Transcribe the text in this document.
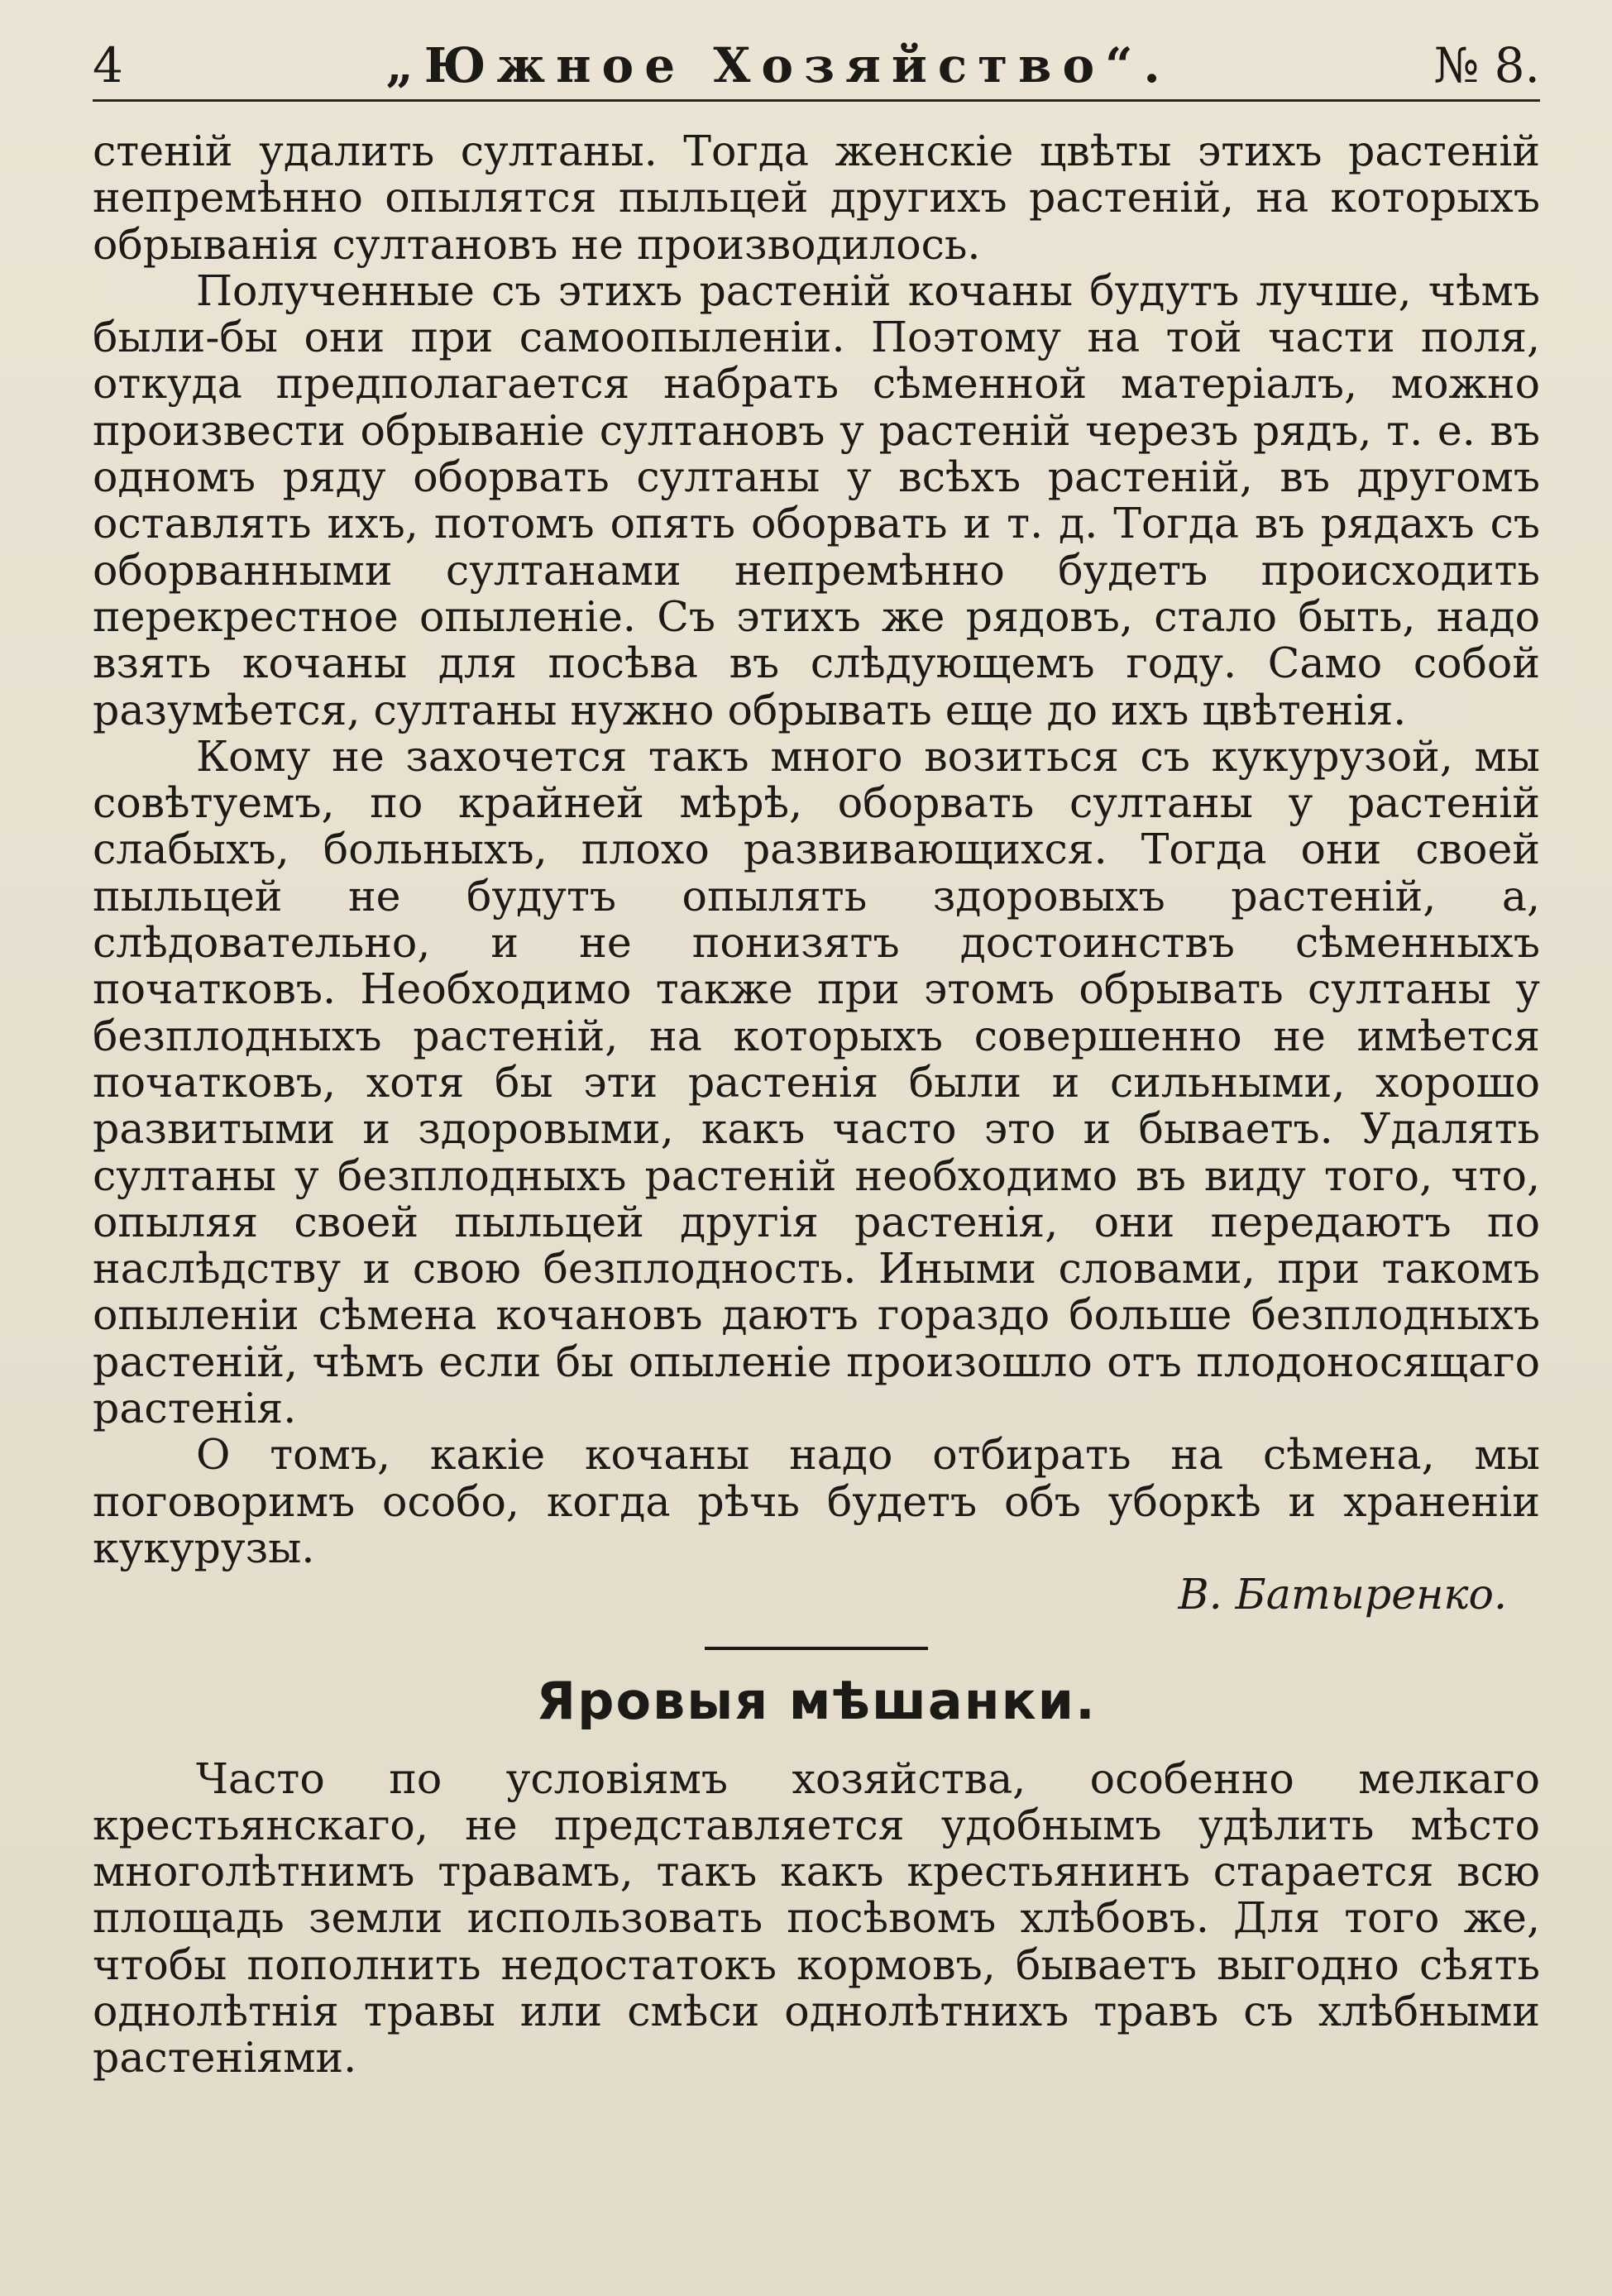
4	„Южное Хозяйство“.	№ 8.

стенiй удалить султаны. Тогда женскiе цвѣты этихъ растенiй непремѣнно опылятся пыльцей другихъ растенiй, на которыхъ обрыванiя султановъ не производилось.

Полученные съ этихъ растенiй кочаны будутъ лучше, чѣмъ были-бы они при самоопыленiи. Поэтому на той части поля, откуда предполагается набрать сѣменной матерiалъ, можно произвести обрыванiе султановъ у растенiй черезъ рядъ, т. е. въ одномъ ряду оборвать султаны у всѣхъ растенiй, въ другомъ оставлять ихъ, потомъ опять оборвать и т. д. Тогда въ рядахъ съ оборванными султанами непремѣнно будетъ происходить перекрестное опыленiе. Съ этихъ же рядовъ, стало быть, надо взять кочаны для посѣва въ слѣдующемъ году. Само собой разумѣется, султаны нужно обрывать еще до ихъ цвѣтенiя.

Кому не захочется такъ много возиться съ кукурузой, мы совѣтуемъ, по крайней мѣрѣ, оборвать султаны у растенiй слабыхъ, больныхъ, плохо развивающихся. Тогда они своей пыльцей не будутъ опылять здоровыхъ растенiй, а, слѣдовательно, и не понизятъ достоинствъ сѣменныхъ початковъ. Необходимо также при этомъ обрывать султаны у безплодныхъ растенiй, на которыхъ совершенно не имѣется початковъ, хотя бы эти растенiя были и сильными, хорошо развитыми и здоровыми, какъ часто это и бываетъ. Удалять султаны у безплодныхъ растенiй необходимо въ виду того, что, опыляя своей пыльцей другiя растенiя, они передаютъ по наслѣдству и свою безплодность. Иными словами, при такомъ опыленiи сѣмена кочановъ даютъ гораздо больше безплодныхъ растенiй, чѣмъ если бы опыленiе произошло отъ плодоносящаго растенiя.

О томъ, какiе кочаны надо отбирать на сѣмена, мы поговоримъ особо, когда рѣчь будетъ объ уборкѣ и храненiи кукурузы.

В. Батыренко.

Яровыя мѣшанки.

Часто по условiямъ хозяйства, особенно мелкаго крестьянскаго, не представляется удобнымъ удѣлить мѣсто многолѣтнимъ травамъ, такъ какъ крестьянинъ старается всю площадь земли использовать посѣвомъ хлѣбовъ. Для того же, чтобы пополнить недостатокъ кормовъ, бываетъ выгодно сѣять однолѣтнiя травы или смѣси однолѣтнихъ травъ съ хлѣбными растенiями.
